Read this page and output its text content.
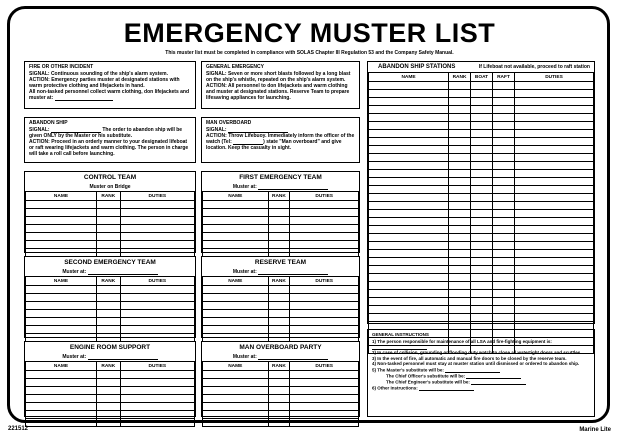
EMERGENCY MUSTER LIST
This muster list must be completed in compliance with SOLAS Chapter III Regulation 53 and the Company Safety Manual.
FIRE OR OTHER INCIDENT
SIGNAL: Continuous sounding of the ship's alarm system.
ACTION: Emergency parties muster at designated stations with warm protective clothing and lifejackets in hand.
All non-tasked personnel collect warm clothing, don lifejackets and muster at:
GENERAL EMERGENCY
SIGNAL: Seven or more short blasts followed by a long blast on the ship's whistle, repeated on the ship's alarm system.
ACTION: All personnel to don lifejackets and warm clothing and muster at designated stations. Reserve Team to prepare lifesaving appliances for launching.
ABANDON SHIP
SIGNAL:	The order to abandon ship will be given ONLY by the Master or his substitute.
ACTION: Proceed in an orderly manner to your designated lifeboat or raft wearing lifejackets and warm clothing. The person in charge will take a roll call before launching.
MAN OVERBOARD
SIGNAL:
ACTION: Throw Lifebuoy. Immediately inform the officer of the watch (Tel:	) state "Man overboard" and give location. Keep the casualty in sight.
ABANDON SHIP STATIONS	If Lifeboat not available, proceed to raft station
NAME	RANK	BOAT	RAFT	DUTIES

CONTROL TEAM
Muster on Bridge
NAME	RANK	DUTIES

FIRST EMERGENCY TEAM
Muster at:
NAME	RANK	DUTIES

SECOND EMERGENCY TEAM
Muster at:
NAME	RANK	DUTIES

RESERVE TEAM
Muster at:
NAME	RANK	DUTIES

ENGINE ROOM SUPPORT
Muster at:
NAME	RANK	DUTIES

MAN OVERBOARD PARTY
Muster at:
NAME	RANK	DUTIES

GENERAL INSTRUCTIONS
1) The person responsible for maintenance of all LSA and fire-fighting equipment is:
2) In case of collision, grounding or flooding duty watch to close all watertight doors and scuttles.
3) In the event of fire, all automatic and manual fire doors to be closed by the reserve team.
4) Non-tasked personnel must stay at muster station until dismissed or ordered to abandon ship.
5) The Master's substitute will be:
The Chief Officer's substitute will be:
The Chief Engineer's substitute will be:
6) Other Instructions:
221512	Marine Lite
